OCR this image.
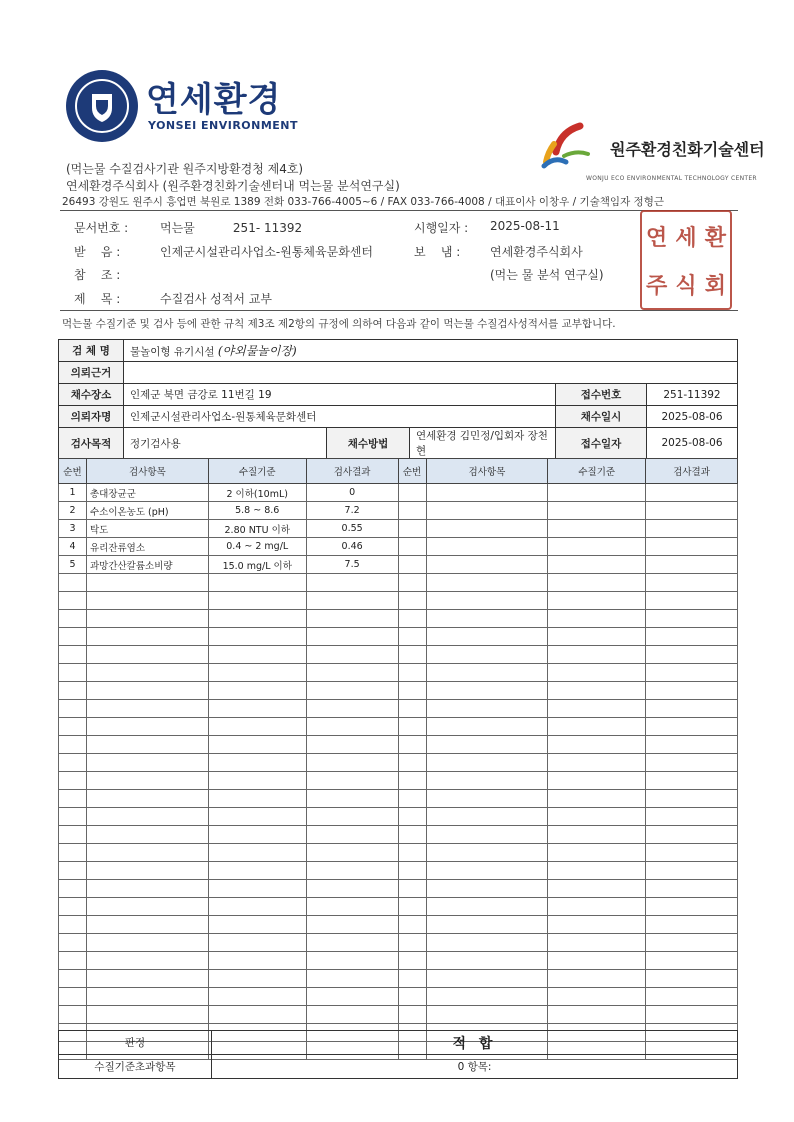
연세환경
YONSEI ENVIRONMENT
원주환경친화기술센터
WONJU ECO ENVIRONMENTAL TECHNOLOGY CENTER
(먹는물 수질검사기관 원주지방환경청 제4호)
연세환경주식회사 (원주환경친화기술센터내 먹는물 분석연구실)
26493 강원도 원주시 흥업면 북원로 1389 전화 033-766-4005~6 / FAX 033-766-4008 / 대표이사 이창우 / 기술책임자 정형근
문서번호 :	먹는물          251- 11392	시행일자 : 2025-08-11
받    음 :	인제군시설관리사업소-원통체육문화센터	보    냄 : 연세환경주식회사
참    조 :	(먹는 물 분석 연구실)
제    목 :	수질검사 성적서 교부
연 세 환
주 식 회
먹는물 수질기준 및 검사 등에 관한 규칙 제3조 제2항의 규정에 의하여 다음과 같이 먹는물 수질검사성적서를 교부합니다.
검 체 명	물놀이형 유기시설 (야외물놀이장)				
의뢰근거					
채수장소	인제군 북면 금강로 11번길 19			접수번호	251-11392
의뢰자명	인제군시설관리사업소-원통체육문화센터			채수일시	2025-08-06
검사목적	정기검사용	채수방법	연세환경 김민정/입회자 장천현	접수일자	2025-08-06
순번	검사항목	수질기준	검사결과	순번	검사항목	수질기준	검사결과
1	총대장균군	2 이하(10mL)	0				
2	수소이온농도 (pH)	5.8 ~ 8.6	7.2				
3	탁도	2.80 NTU 이하	0.55				
4	유리잔류염소	0.4 ~ 2 mg/L	0.46				
5	과망간산칼륨소비량	15.0 mg/L 이하	7.5				

판정	적 합
수질기준초과항목	0 항목:
